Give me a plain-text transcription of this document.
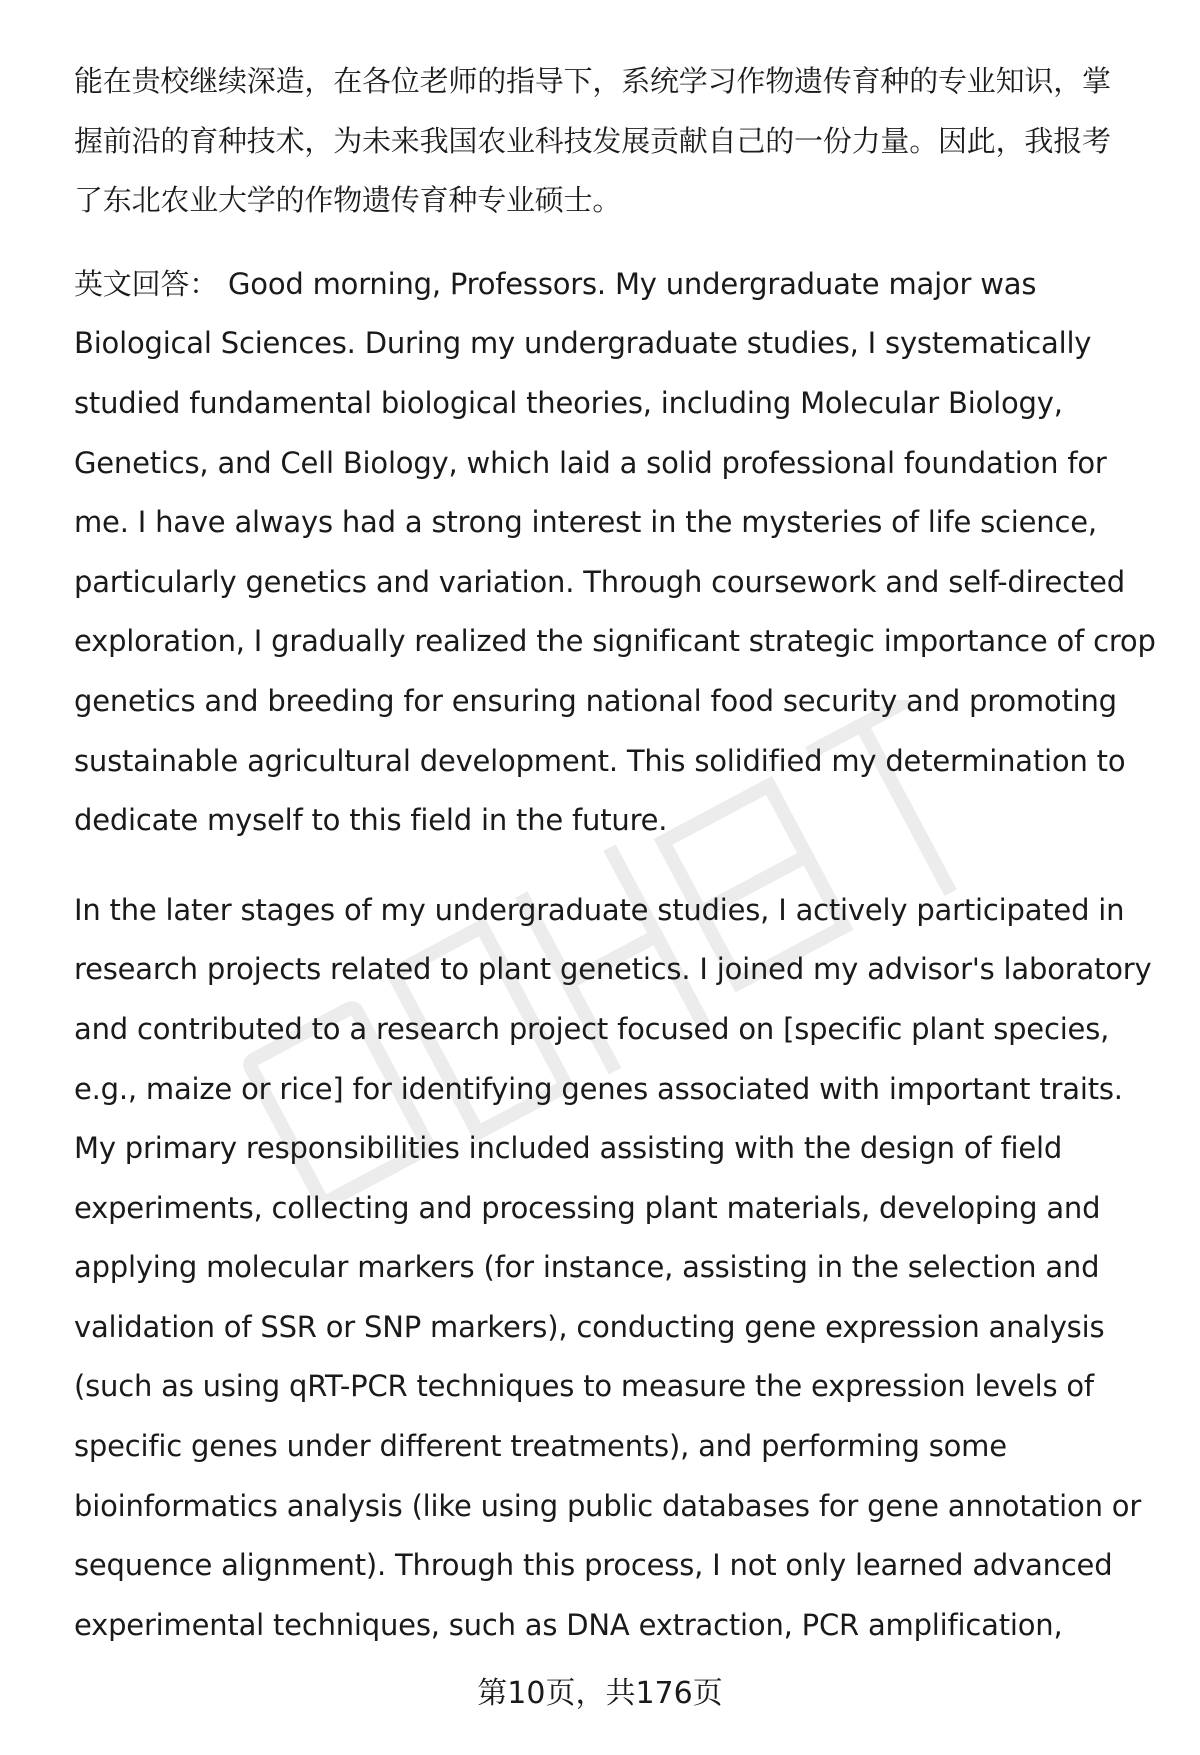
能在贵校继续深造，在各位老师的指导下，系统学习作物遗传育种的专业知识，掌
握前沿的育种技术，为未来我国农业科技发展贡献自己的一份力量。因此，我报考
了东北农业大学的作物遗传育种专业硕士。

英文回答： Good morning, Professors. My undergraduate major was
Biological Sciences. During my undergraduate studies, I systematically
studied fundamental biological theories, including Molecular Biology,
Genetics, and Cell Biology, which laid a solid professional foundation for
me. I have always had a strong interest in the mysteries of life science,
particularly genetics and variation. Through coursework and self-directed
exploration, I gradually realized the significant strategic importance of crop
genetics and breeding for ensuring national food security and promoting
sustainable agricultural development. This solidified my determination to
dedicate myself to this field in the future.

In the later stages of my undergraduate studies, I actively participated in
research projects related to plant genetics. I joined my advisor's laboratory
and contributed to a research project focused on [specific plant species,
e.g., maize or rice] for identifying genes associated with important traits.
My primary responsibilities included assisting with the design of field
experiments, collecting and processing plant materials, developing and
applying molecular markers (for instance, assisting in the selection and
validation of SSR or SNP markers), conducting gene expression analysis
(such as using qRT-PCR techniques to measure the expression levels of
specific genes under different treatments), and performing some
bioinformatics analysis (like using public databases for gene annotation or
sequence alignment). Through this process, I not only learned advanced
experimental techniques, such as DNA extraction, PCR amplification,

第10页，共176页
